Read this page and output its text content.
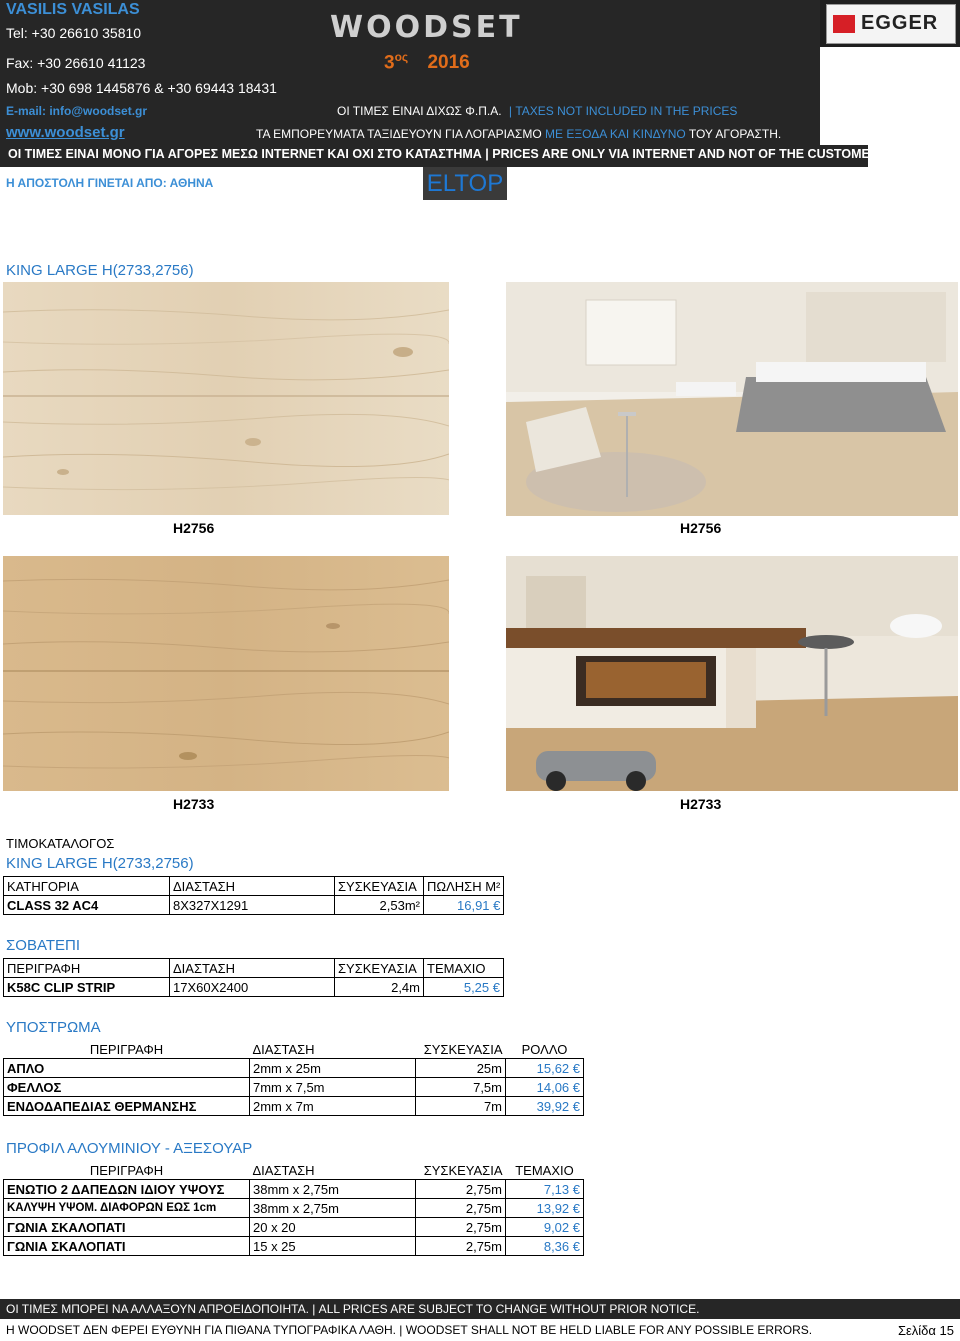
VASILIS VASILAS
Tel: +30 26610 35810
Fax: +30 26610 41123
Mob: +30 698 1445876 & +30 69443 18431
E-mail: info@woodset.gr
www.woodset.gr
WOODSET
$3^{o\varsigma}$ 2016
ΟΙ ΤΙΜΕΣ ΕΙΝΑΙ ΔΙΧΩΣ Φ.Π.Α. | TAXES NOT INCLUDED IN THE PRICES
ΤΑ ΕΜΠΟΡΕΥΜΑΤΑ ΤΑΞΙΔΕΥΟΥΝ ΓΙΑ ΛΟΓΑΡΙΑΣΜΟ ΜΕ ΕΞΟΔΑ ΚΑΙ ΚΙΝΔΥΝΟ ΤΟΥ ΑΓΟΡΑΣΤΗ.
ΟΙ ΤΙΜΕΣ ΕΙΝΑΙ ΜΟΝΟ ΓΙΑ ΑΓΟΡΕΣ ΜΕΣΩ INTERNET ΚΑΙ ΟΧΙ ΣΤΟ ΚΑΤΑΣΤΗΜΑ | PRICES ARE ONLY VIA INTERNET AND NOT OF THE CUSTOMER
EGGER
Η ΑΠΟΣΤΟΛΗ ΓΙΝΕΤΑΙ ΑΠΟ: ΑΘΗΝΑ	ELTOP
KING LARGE H(2733,2756)
H2756	H2756
H2733	H2733
ΤΙΜΟΚΑΤΑΛΟΓΟΣ
KING LARGE H(2733,2756)
ΚΑΤΗΓΟΡΙΑ	ΔΙΑΣΤΑΣΗ	ΣΥΣΚΕΥΑΣΙΑ	ΠΩΛΗΣΗ Μ²
CLASS 32 AC4	8X327X1291	2,53m²	16,91 €
ΣΟΒΑΤΕΠΙ
ΠΕΡΙΓΡΑΦΗ	ΔΙΑΣΤΑΣΗ	ΣΥΣΚΕΥΑΣΙΑ	ΤΕΜΑΧΙΟ
K58C CLIP STRIP	17X60X2400	2,4m	5,25 €
ΥΠΟΣΤΡΩΜΑ
ΠΕΡΙΓΡΑΦΗ	ΔΙΑΣΤΑΣΗ	ΣΥΣΚΕΥΑΣΙΑ	ΡΟΛΛΟ
ΑΠΛΟ	2mm x 25m	25m	15,62 €
ΦΕΛΛΟΣ	7mm x 7,5m	7,5m	14,06 €
ΕΝΔΟΔΑΠΕΔΙΑΣ ΘΕΡΜΑΝΣΗΣ	2mm x 7m	7m	39,92 €
ΠΡΟΦΙΛ ΑΛΟΥΜΙΝΙΟΥ - ΑΞΕΣΟΥΑΡ
ΠΕΡΙΓΡΑΦΗ	ΔΙΑΣΤΑΣΗ	ΣΥΣΚΕΥΑΣΙΑ	ΤΕΜΑΧΙΟ
ΕΝΩΤΙΟ 2 ΔΑΠΕΔΩΝ ΙΔΙΟΥ ΥΨΟΥΣ	38mm x 2,75m	2,75m	7,13 €
ΚΑΛΥΨΗ ΥΨΟΜ. ΔΙΑΦΟΡΩΝ ΕΩΣ 1cm	38mm x 2,75m	2,75m	13,92 €
ΓΩΝΙΑ ΣΚΑΛΟΠΑΤΙ	20 x 20	2,75m	9,02 €
ΓΩΝΙΑ ΣΚΑΛΟΠΑΤΙ	15 x 25	2,75m	8,36 €
ΟΙ ΤΙΜΕΣ ΜΠΟΡΕΙ ΝΑ ΑΛΛΑΞΟΥΝ ΑΠΡΟΕΙΔΟΠΟΙΗΤΑ. | ALL PRICES ARE SUBJECT TO CHANGE WITHOUT PRIOR NOTICE.
Η WOODSET ΔΕΝ ΦΕΡΕΙ ΕΥΘΥΝΗ ΓΙΑ ΠΙΘΑΝΑ ΤΥΠΟΓΡΑΦΙΚΑ ΛΑΘΗ. | WOODSET SHALL NOT BE HELD LIABLE FOR ANY POSSIBLE ERRORS.	Σελίδα 15
